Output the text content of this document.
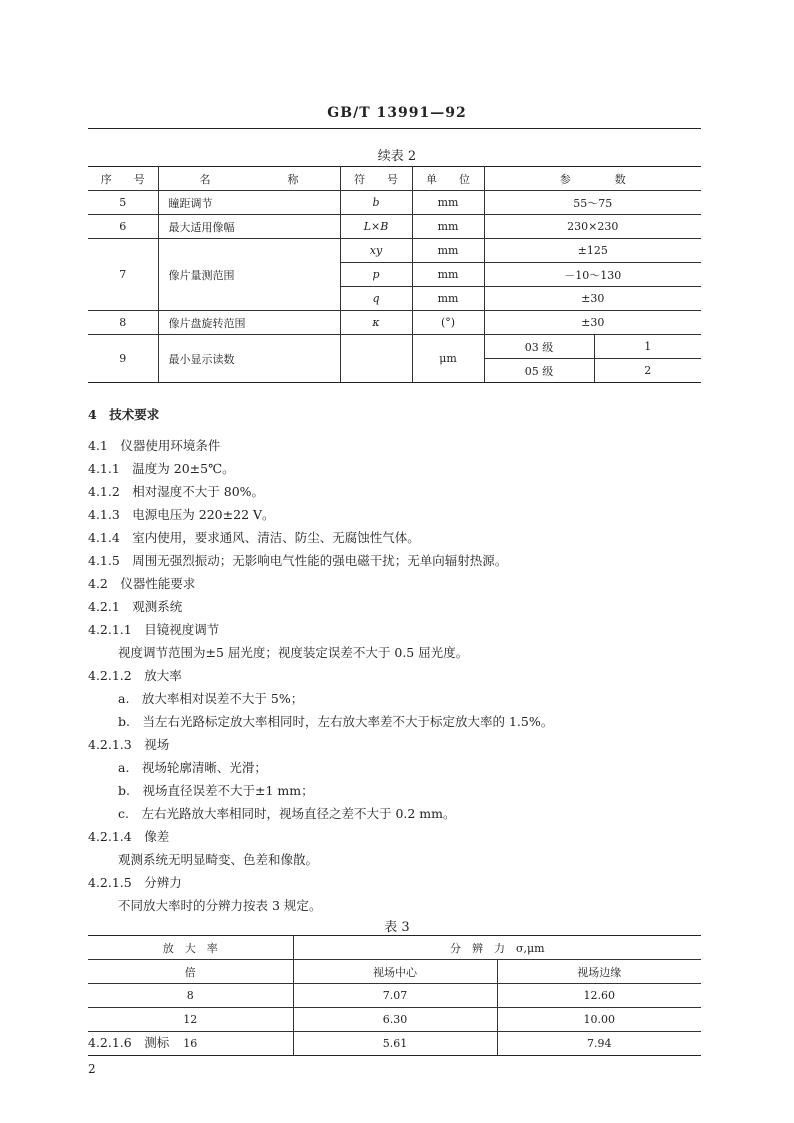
GB/T 13991—92
续表 2
序　　号	名　　　　　　　称	符　　号	单　　位	参　　　　数	
5	瞳距调节	b	mm	55～75	
6	最大适用像幅	L×B	mm	230×230	
7	像片量测范围	xy	mm	±125	
		p	mm	－10～130	
		q	mm	±30	
8	像片盘旋转范围	κ	(°)	±30	
9	最小显示读数		μm	03 级	1
				05 级	2
4　技术要求
4.1　仪器使用环境条件
4.1.1　温度为 20±5℃。
4.1.2　相对湿度不大于 80%。
4.1.3　电源电压为 220±22 V。
4.1.4　室内使用，要求通风、清洁、防尘、无腐蚀性气体。
4.1.5　周围无强烈振动；无影响电气性能的强电磁干扰；无单向辐射热源。
4.2　仪器性能要求
4.2.1　观测系统
4.2.1.1　目镜视度调节
视度调节范围为±5 屈光度；视度装定误差不大于 0.5 屈光度。
4.2.1.2　放大率
a.　放大率相对误差不大于 5%；
b.　当左右光路标定放大率相同时，左右放大率差不大于标定放大率的 1.5%。
4.2.1.3　视场
a.　视场轮廓清晰、光滑；
b.　视场直径误差不大于±1 mm；
c.　左右光路放大率相同时，视场直径之差不大于 0.2 mm。
4.2.1.4　像差
观测系统无明显畸变、色差和像散。
4.2.1.5　分辨力
不同放大率时的分辨力按表 3 规定。
表 3
放　大　率	分　辨　力　σ,μm	
倍	视场中心	视场边缘
8	7.07	12.60
12	6.30	10.00
16	5.61	7.94
4.2.1.6　测标
2
